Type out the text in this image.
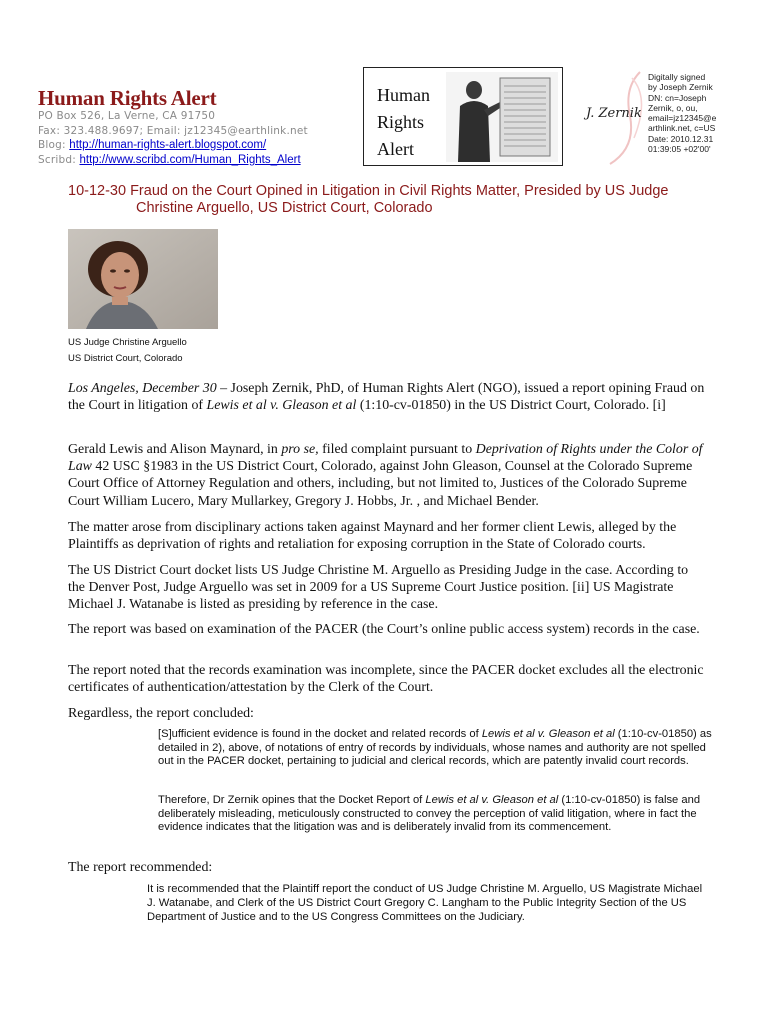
Human Rights Alert
PO Box 526, La Verne, CA 91750
Fax: 323.488.9697; Email: jz12345@earthlink.net
Blog: http://human-rights-alert.blogspot.com/
Scribd: http://www.scribd.com/Human_Rights_Alert
Human
Rights
Alert
J. Zernik
Digitally signed
by Joseph Zernik
DN: cn=Joseph
Zernik, o, ou,
email=jz12345@e
arthlink.net, c=US
Date: 2010.12.31
01:39:05 +02'00'
10-12-30 Fraud on the Court Opined in Litigation in Civil Rights Matter, Presided by US Judge
Christine Arguello, US District Court, Colorado
US Judge Christine Arguello
US District Court, Colorado
Los Angeles, December 30 – Joseph Zernik, PhD, of Human Rights Alert (NGO), issued a report opining Fraud on the Court in litigation of Lewis et al v. Gleason et al (1:10-cv-01850) in the US District Court, Colorado. [i]
Gerald Lewis and Alison Maynard, in pro se, filed complaint pursuant to Deprivation of Rights under the Color of Law 42 USC §1983 in the US District Court, Colorado, against John Gleason, Counsel at the Colorado Supreme Court Office of Attorney Regulation and others, including, but not limited to, Justices of the Colorado Supreme Court William Lucero, Mary Mullarkey, Gregory J. Hobbs, Jr. , and Michael Bender.
The matter arose from disciplinary actions taken against Maynard and her former client Lewis, alleged by the Plaintiffs as deprivation of rights and retaliation for exposing corruption in the State of Colorado courts.
The US District Court docket lists US Judge Christine M. Arguello as Presiding Judge in the case. According to the Denver Post, Judge Arguello was set in 2009 for a US Supreme Court Justice position. [ii] US Magistrate Michael J. Watanabe is listed as presiding by reference in the case.
The report was based on examination of the PACER (the Court’s online public access system) records in the case.
The report noted that the records examination was incomplete, since the PACER docket excludes all the electronic certificates of authentication/attestation by the Clerk of the Court.
Regardless, the report concluded:
[S]ufficient evidence is found in the docket and related records of Lewis et al v. Gleason et al (1:10-cv-01850) as detailed in 2), above, of notations of entry of records by individuals, whose names and authority are not spelled out in the PACER docket, pertaining to judicial and clerical records, which are patently invalid court records.
Therefore, Dr Zernik opines that the Docket Report of Lewis et al v. Gleason et al (1:10-cv-01850) is false and deliberately misleading, meticulously constructed to convey the perception of valid litigation, where in fact the evidence indicates that the litigation was and is deliberately invalid from its commencement.
The report recommended:
It is recommended that the Plaintiff report the conduct of US Judge Christine M. Arguello, US Magistrate Michael J. Watanabe, and Clerk of the US District Court Gregory C. Langham to the Public Integrity Section of the US Department of Justice and to the US Congress Committees on the Judiciary.
